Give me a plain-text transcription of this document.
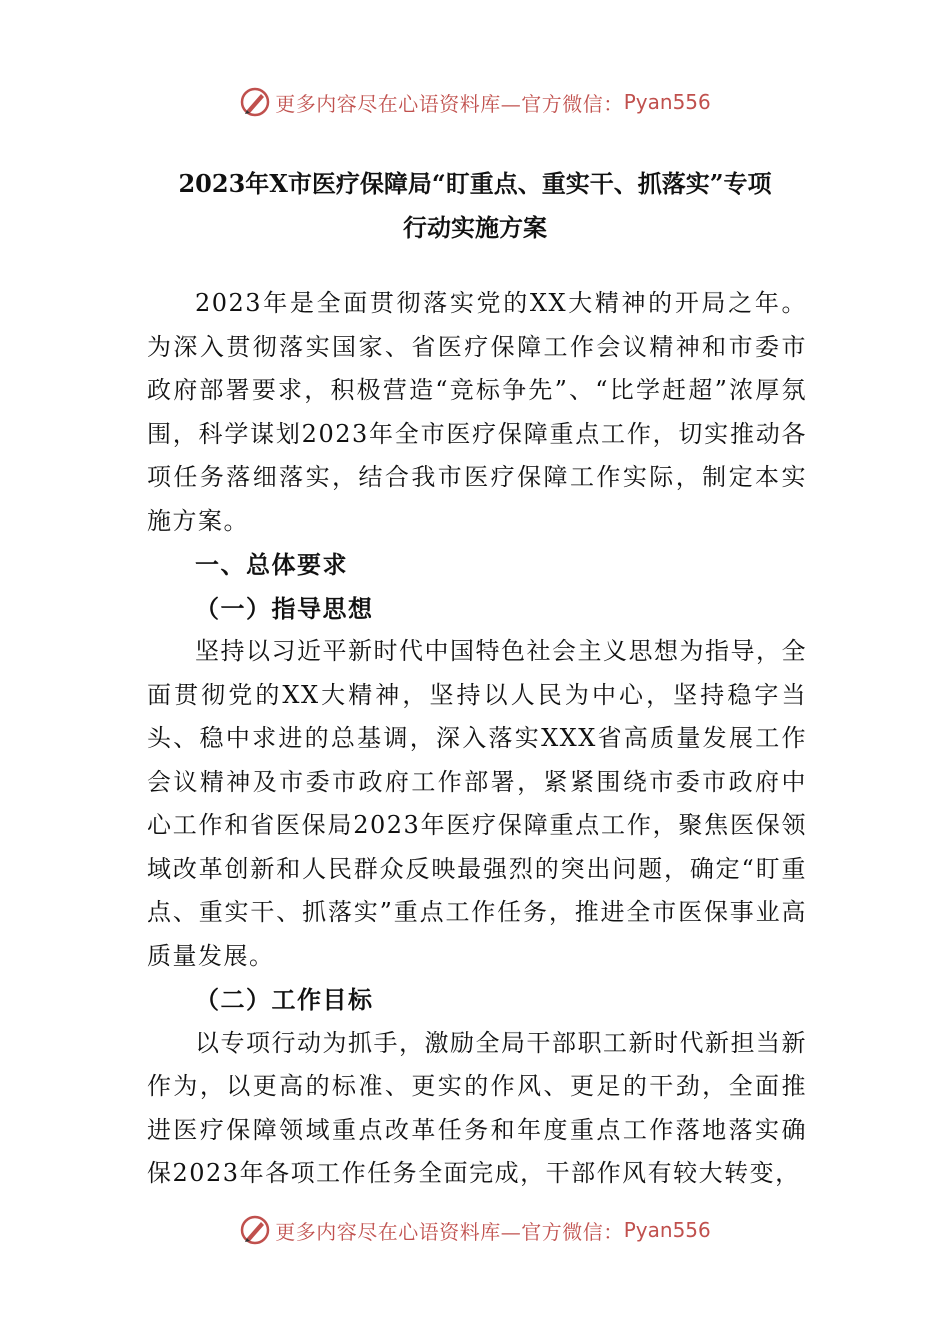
更多内容尽在心语资料库—官方微信： Pyan556
2023年X市医疗保障局“盯重点、重实干、抓落实”专项
行动实施方案

2023年是全面贯彻落实党的XX大精神的开局之年。为深入贯彻落实国家、省医疗保障工作会议精神和市委市政府部署要求，积极营造“竞标争先”、“比学赶超”浓厚氛围，科学谋划2023年全市医疗保障重点工作，切实推动各项任务落细落实，结合我市医疗保障工作实际，制定本实施方案。

一、总体要求

（一）指导思想

坚持以习近平新时代中国特色社会主义思想为指导，全面贯彻党的XX大精神，坚持以人民为中心，坚持稳字当头、稳中求进的总基调，深入落实XXX省高质量发展工作会议精神及市委市政府工作部署，紧紧围绕市委市政府中心工作和省医保局2023年医疗保障重点工作，聚焦医保领域改革创新和人民群众反映最强烈的突出问题，确定“盯重点、重实干、抓落实”重点工作任务，推进全市医保事业高质量发展。

（二）工作目标

以专项行动为抓手，激励全局干部职工新时代新担当新作为，以更高的标准、更实的作风、更足的干劲，全面推进医疗保障领域重点改革任务和年度重点工作落地落实确保2023年各项工作任务全面完成，干部作风有较大转变，

更多内容尽在心语资料库—官方微信： Pyan556
